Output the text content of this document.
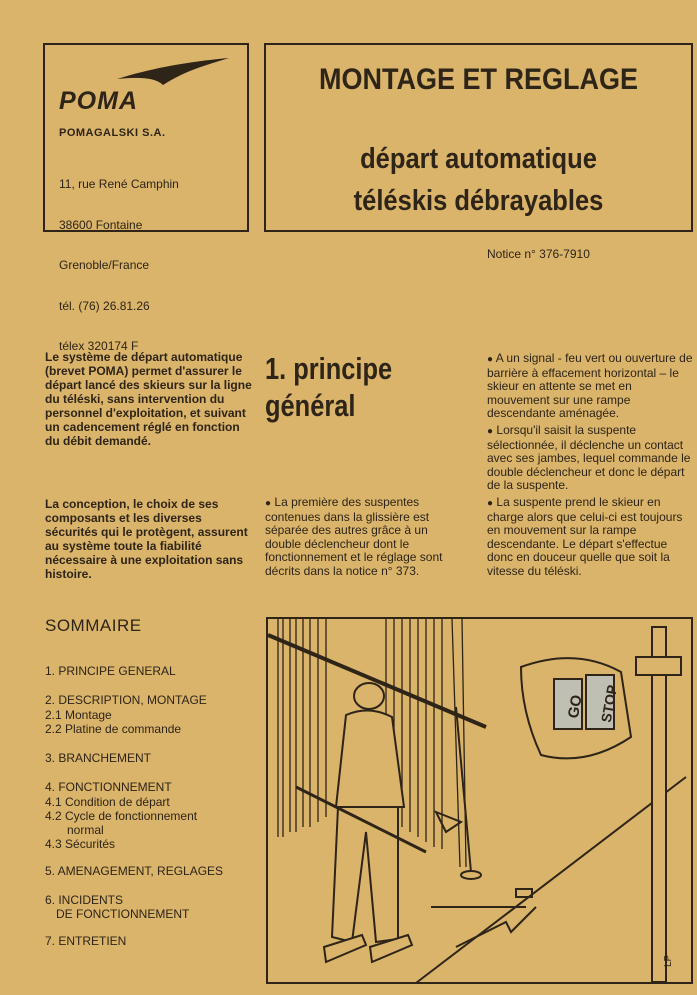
POMA
POMAGALSKI S.A.

11, rue René Camphin

38600 Fontaine

Grenoble/France

tél. (76) 26.81.26

télex 320174 F

MONTAGE ET REGLAGE
départ automatique
téléskis débrayables
Notice n° 376-7910
Le système de départ automatique (brevet POMA) permet d'assurer le départ lancé des skieurs sur la ligne du téléski, sans intervention du personnel d'exploitation, et suivant un cadencement réglé en fonction du débit demandé.
La conception, le choix de ses composants et les diverses sécurités qui le protègent, assurent au système toute la fiabilité nécessaire à une exploitation sans histoire.
1. principe
général
● La première des suspentes contenues dans la glissière est séparée des autres grâce à un double déclencheur dont le fonctionnement et le réglage sont décrits dans la notice n° 373.
● A un signal - feu vert ou ouverture de barrière à effacement horizontal – le skieur en attente se met en mouvement sur une rampe descendante aménagée.
● Lorsqu'il saisit la suspente sélectionnée, il déclenche un contact avec ses jambes, lequel commande le double déclencheur et donc le départ de la suspente.
● La suspente prend le skieur en charge alors que celui-ci est toujours en mouvement sur la rampe descendante. Le départ s'effectue donc en douceur quelle que soit la vitesse du téléski.
SOMMAIRE
1. PRINCIPE GENERAL
2. DESCRIPTION, MONTAGE
2.1 Montage
2.2 Platine de commande
3. BRANCHEMENT
4. FONCTIONNEMENT
4.1 Condition de départ
4.2 Cycle de fonctionnement
normal
4.3 Sécurités
5. AMENAGEMENT, REGLAGES
6. INCIDENTS
DE FONCTIONNEMENT
7. ENTRETIEN
GO STOP
LP
